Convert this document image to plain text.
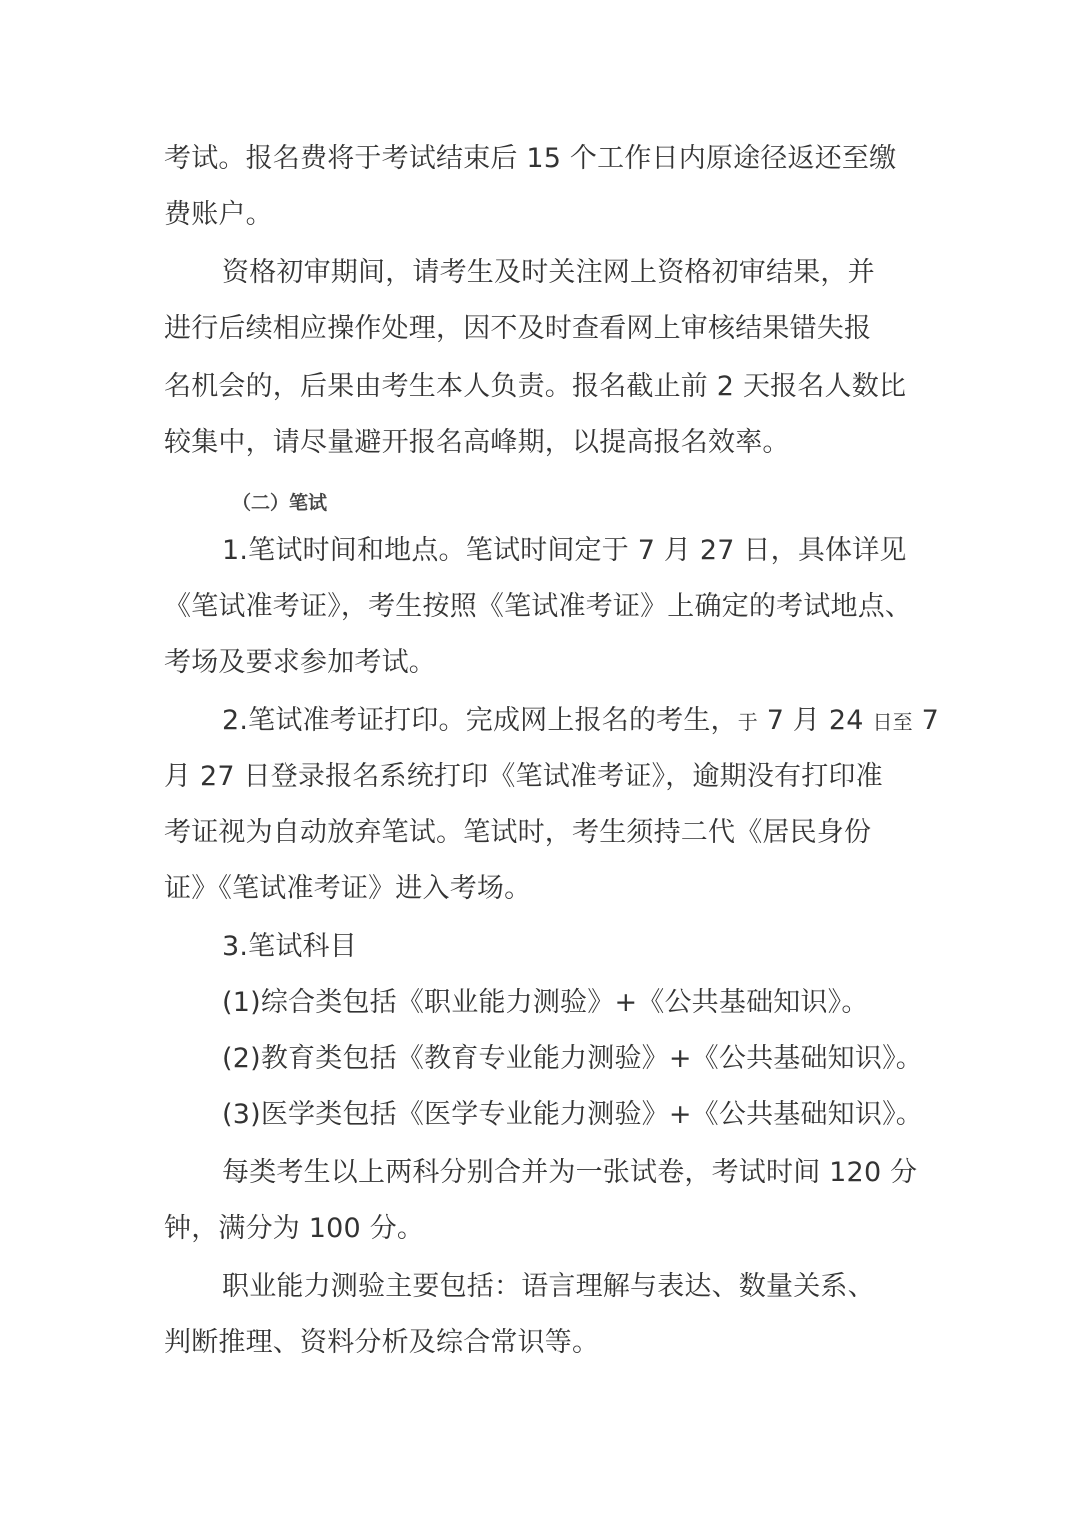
考试。报名费将于考试结束后 15 个工作日内原途径返还至缴
费账户。
资格初审期间，请考生及时关注网上资格初审结果，并
进行后续相应操作处理，因不及时查看网上审核结果错失报
名机会的，后果由考生本人负责。报名截止前 2 天报名人数比
较集中，请尽量避开报名高峰期，以提高报名效率。
（二）笔试
1.笔试时间和地点。笔试时间定于 7 月 27 日，具体详见
《笔试准考证》，考生按照《笔试准考证》上确定的考试地点、
考场及要求参加考试。
2.笔试准考证打印。完成网上报名的考生，于 7 月 24 日至 7
月 27 日登录报名系统打印《笔试准考证》，逾期没有打印准
考证视为自动放弃笔试。笔试时，考生须持二代《居民身份
证》《笔试准考证》进入考场。
3.笔试科目
(1)综合类包括《职业能力测验》+《公共基础知识》。
(2)教育类包括《教育专业能力测验》+《公共基础知识》。
(3)医学类包括《医学专业能力测验》+《公共基础知识》。
每类考生以上两科分别合并为一张试卷，考试时间 120 分
钟，满分为 100 分。
职业能力测验主要包括：语言理解与表达、数量关系、
判断推理、资料分析及综合常识等。
